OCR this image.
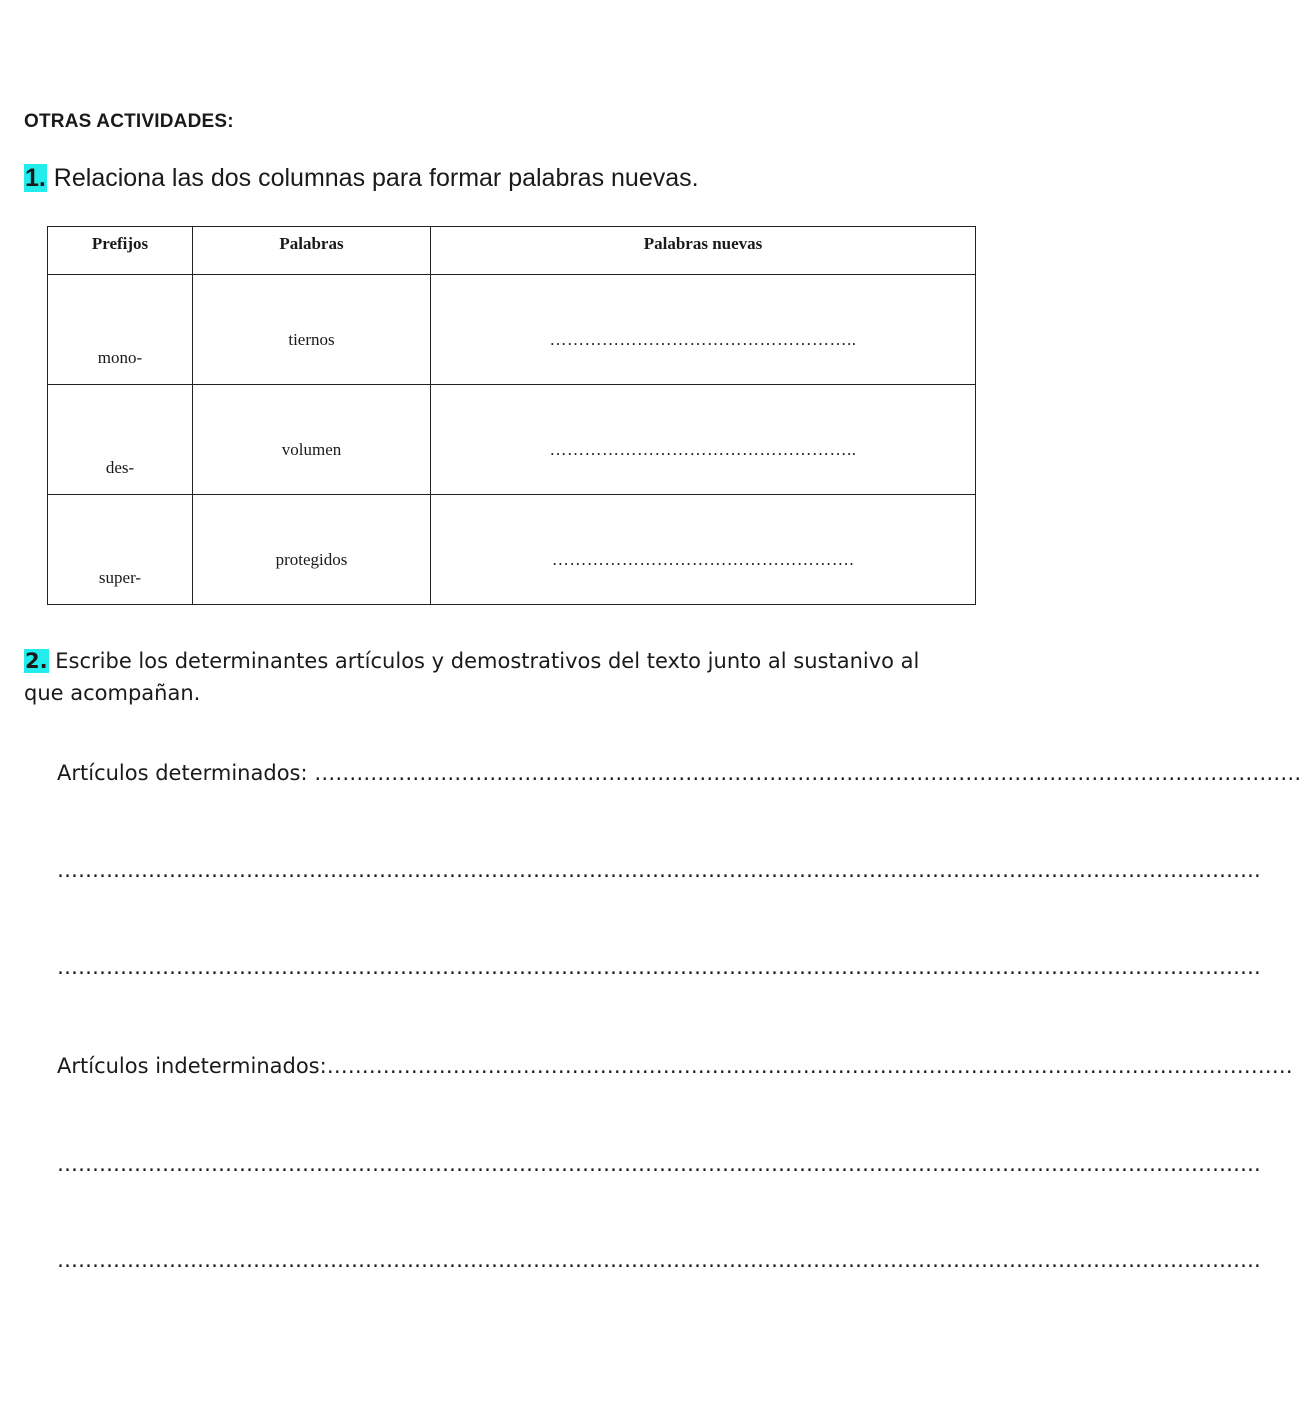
OTRAS ACTIVIDADES:
1. Relaciona las dos columnas para formar palabras nuevas.
Prefijos	Palabras	Palabras nuevas

mono-	tiernos	……………………………………………..

des-	volumen	……………………………………………..

super-	protegidos	…………………………………………….
2. Escribe los determinantes artículos y demostrativos del texto junto al sustanivo al que acompañan.
Artículos determinados: ……………………………………………………………………………………………………………………………
……………………………………………………………………………………………………………………………………………………….
……………………………………………………………………………………………………………………………………………………….
Artículos indeterminados:…………………………………………………………………………………………………………………………
……………………………………………………………………………………………………………………………………………………….
……………………………………………………………………………………………………………………………………………………….
